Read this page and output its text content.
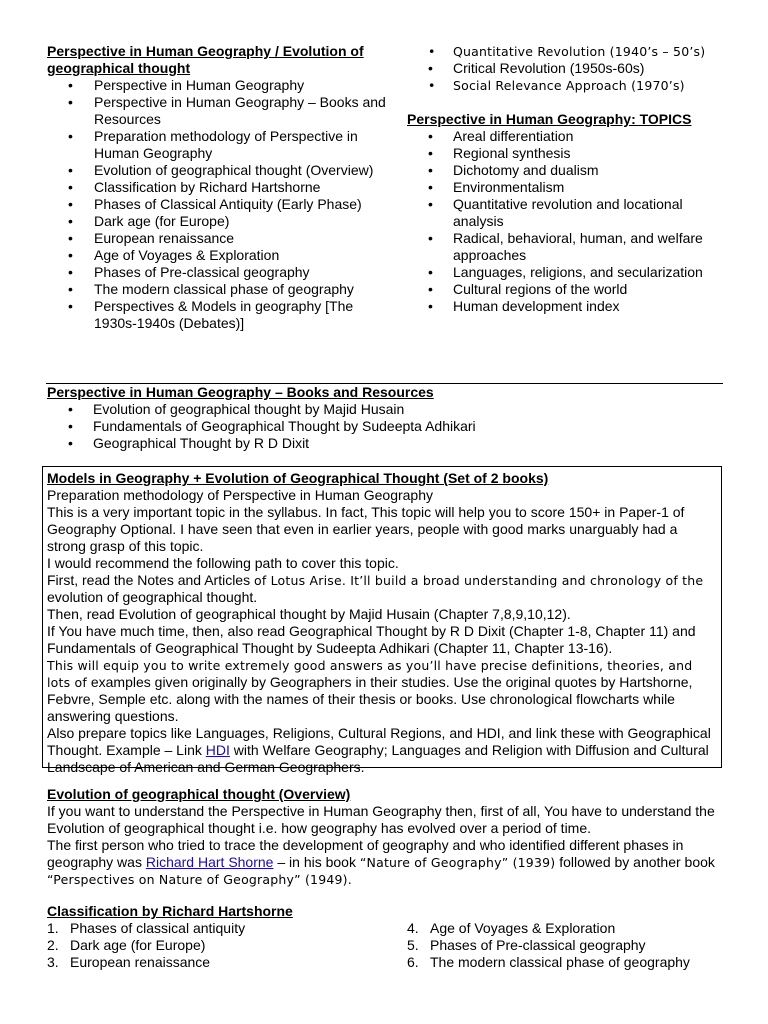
Perspective in Human Geography / Evolution of geographical thought
• Perspective in Human Geography
• Perspective in Human Geography – Books and Resources
• Preparation methodology of Perspective in Human Geography
• Evolution of geographical thought (Overview)
• Classification by Richard Hartshorne
• Phases of Classical Antiquity (Early Phase)
• Dark age (for Europe)
• European renaissance
• Age of Voyages & Exploration
• Phases of Pre-classical geography
• The modern classical phase of geography
• Perspectives & Models in geography [The 1930s-1940s (Debates)]
• Quantitative Revolution (1940’s – 50’s)
• Critical Revolution (1950s-60s)
• Social Relevance Approach (1970’s)
Perspective in Human Geography: TOPICS
• Areal differentiation
• Regional synthesis
• Dichotomy and dualism
• Environmentalism
• Quantitative revolution and locational analysis
• Radical, behavioral, human, and welfare approaches
• Languages, religions, and secularization
• Cultural regions of the world
• Human development index
Perspective in Human Geography – Books and Resources
• Evolution of geographical thought by Majid Husain
• Fundamentals of Geographical Thought by Sudeepta Adhikari
• Geographical Thought by R D Dixit
Models in Geography + Evolution of Geographical Thought (Set of 2 books)

Preparation methodology of Perspective in Human Geography

This is a very important topic in the syllabus. In fact, This topic will help you to score 150+ in Paper-1 of Geography Optional. I have seen that even in earlier years, people with good marks unarguably had a strong grasp of this topic.

I would recommend the following path to cover this topic.

First, read the Notes and Articles of Lotus Arise. It’ll build a broad understanding and chronology of the evolution of geographical thought.

Then, read Evolution of geographical thought by Majid Husain (Chapter 7,8,9,10,12).

If You have much time, then, also read Geographical Thought by R D Dixit (Chapter 1-8, Chapter 11) and Fundamentals of Geographical Thought by Sudeepta Adhikari (Chapter 11, Chapter 13-16).

This will equip you to write extremely good answers as you’ll have precise definitions, theories, and lots of examples given originally by Geographers in their studies. Use the original quotes by Hartshorne, Febvre, Semple etc. along with the names of their thesis or books. Use chronological flowcharts while answering questions.

Also prepare topics like Languages, Religions, Cultural Regions, and HDI, and link these with Geographical Thought. Example – Link HDI with Welfare Geography; Languages and Religion with Diffusion and Cultural Landscape of American and German Geographers.

Evolution of geographical thought (Overview)

If you want to understand the Perspective in Human Geography then, first of all, You have to understand the Evolution of geographical thought i.e. how geography has evolved over a period of time.

The first person who tried to trace the development of geography and who identified different phases in geography was Richard Hart Shorne – in his book “Nature of Geography” (1939) followed by another book “Perspectives on Nature of Geography” (1949).

Classification by Richard Hartshorne
1. Phases of classical antiquity
2. Dark age (for Europe)
3. European renaissance
4. Age of Voyages & Exploration
5. Phases of Pre-classical geography
6. The modern classical phase of geography
